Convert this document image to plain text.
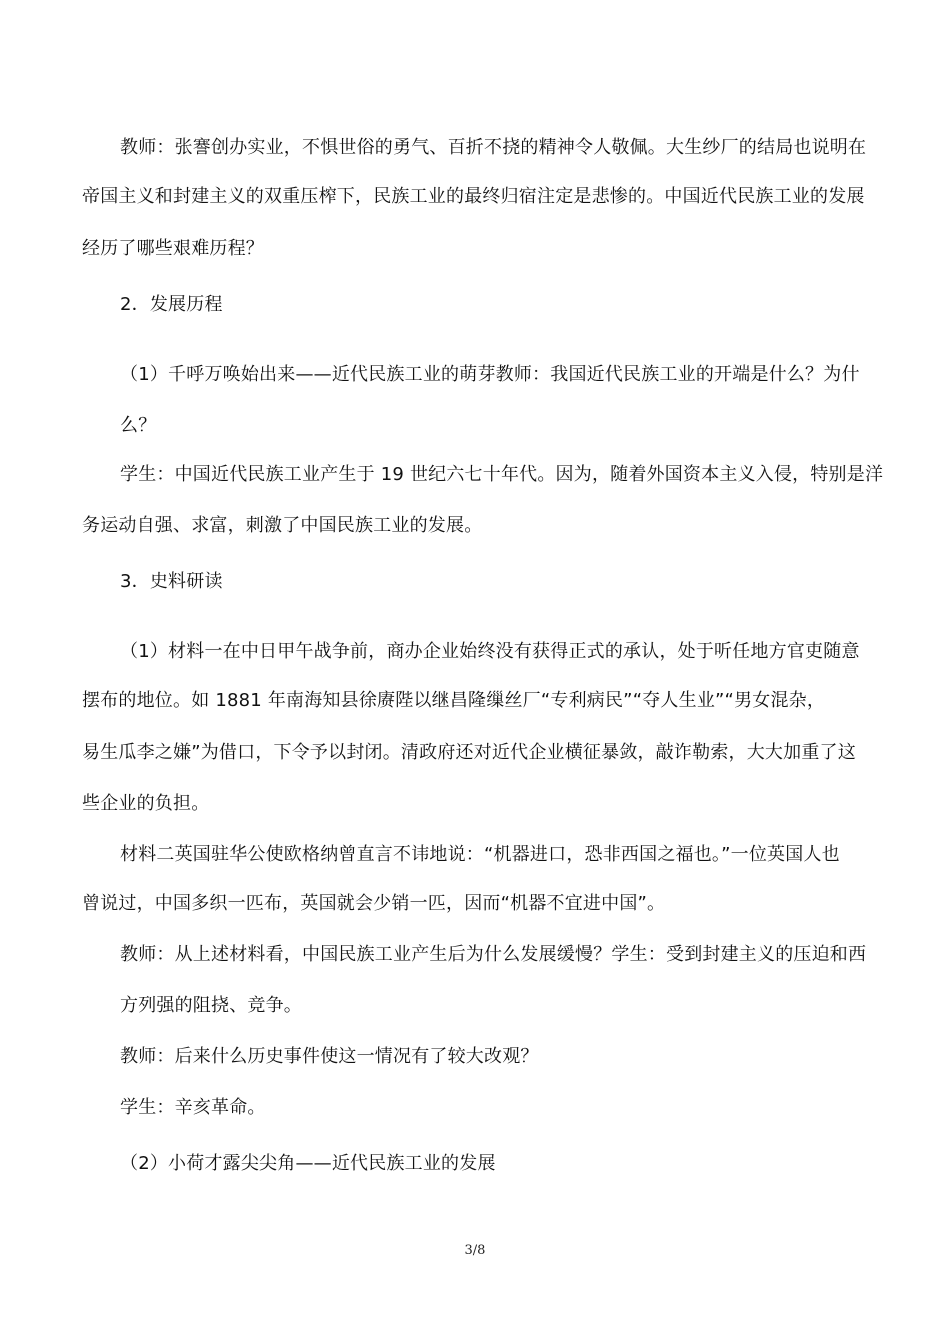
教师：张謇创办实业，不惧世俗的勇气、百折不挠的精神令人敬佩。大生纱厂的结局也说明在
帝国主义和封建主义的双重压榨下，民族工业的最终归宿注定是悲惨的。中国近代民族工业的发展
经历了哪些艰难历程？
2．发展历程
（1）千呼万唤始出来——近代民族工业的萌芽教师：我国近代民族工业的开端是什么？为什
么？
学生：中国近代民族工业产生于 19 世纪六七十年代。因为，随着外国资本主义入侵，特别是洋
务运动自强、求富，刺激了中国民族工业的发展。
3．史料研读
（1）材料一在中日甲午战争前，商办企业始终没有获得正式的承认，处于听任地方官吏随意
摆布的地位。如 1881 年南海知县徐赓陛以继昌隆缫丝厂“专利病民”“夺人生业”“男女混杂，
易生瓜李之嫌”为借口，下令予以封闭。清政府还对近代企业横征暴敛，敲诈勒索，大大加重了这
些企业的负担。
材料二英国驻华公使欧格纳曾直言不讳地说：“机器进口，恐非西国之福也。”一位英国人也
曾说过，中国多织一匹布，英国就会少销一匹，因而“机器不宜进中国”。
教师：从上述材料看，中国民族工业产生后为什么发展缓慢？学生：受到封建主义的压迫和西
方列强的阻挠、竞争。
教师：后来什么历史事件使这一情况有了较大改观？
学生：辛亥革命。
（2）小荷才露尖尖角——近代民族工业的发展
3/8
